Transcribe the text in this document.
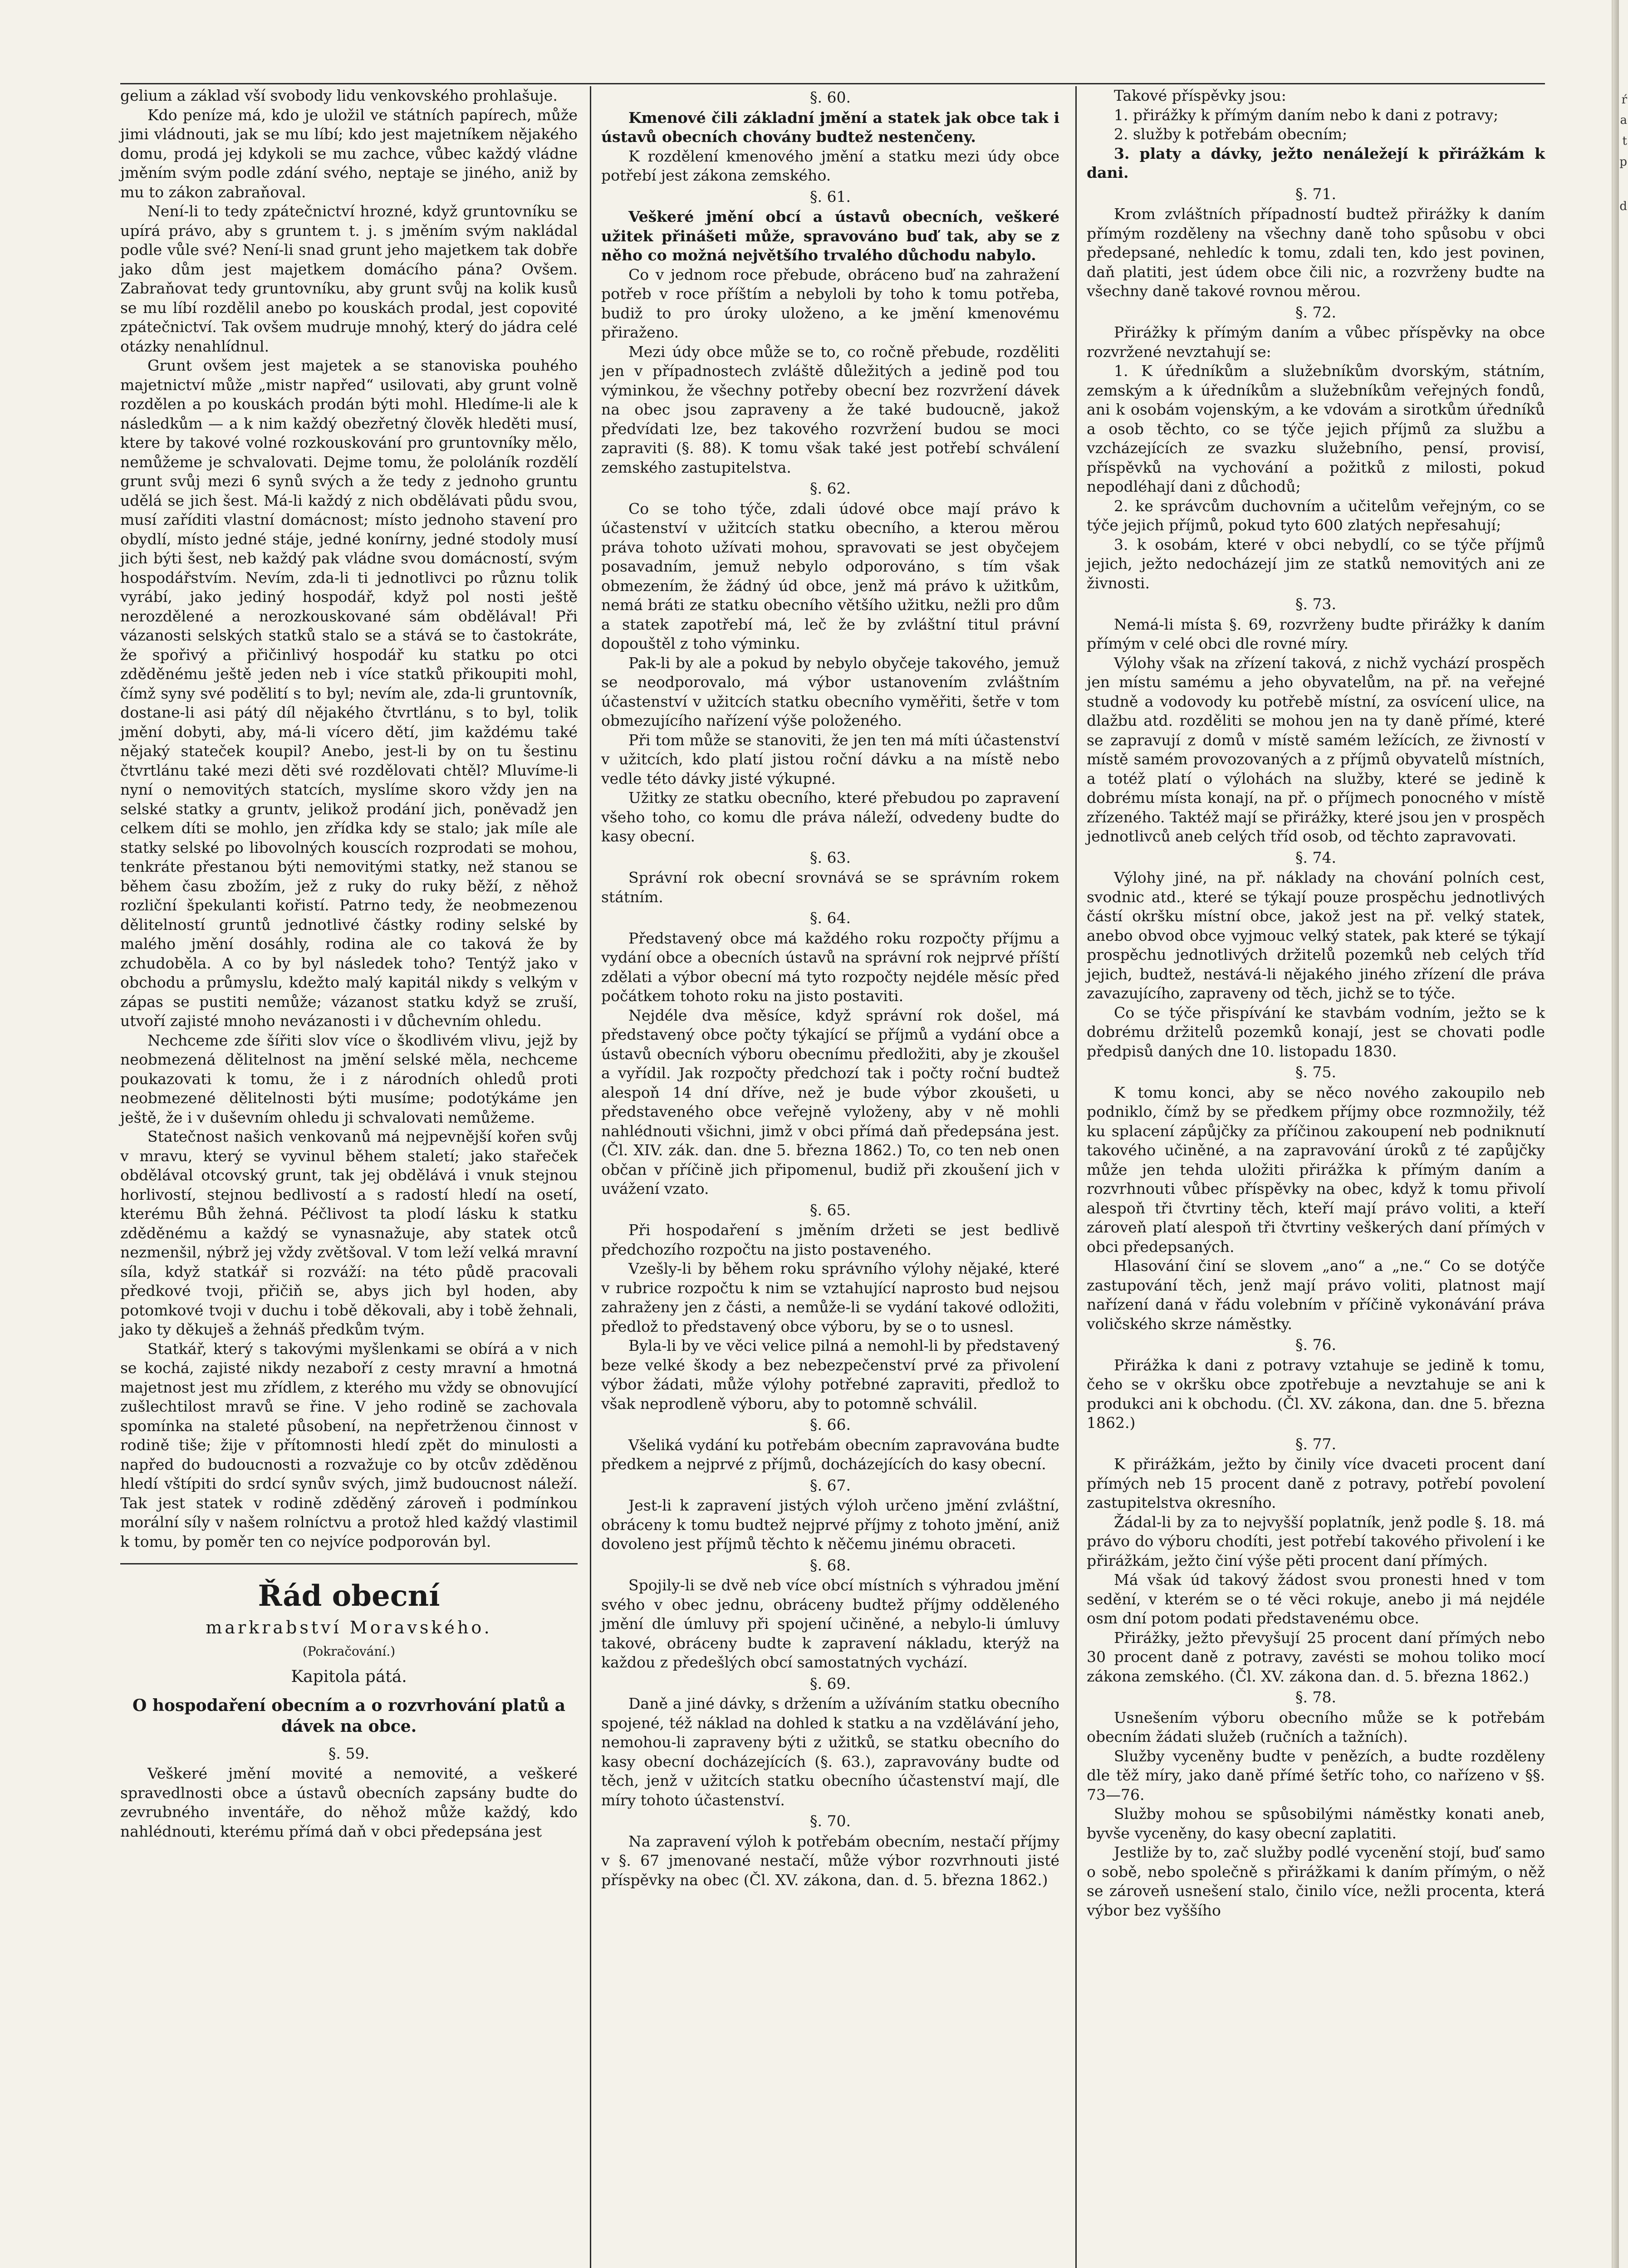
gelium a základ vší svobody lidu venkovského prohlašuje.

Kdo peníze má, kdo je uložil ve státních papírech, může jimi vládnouti, jak se mu líbí; kdo jest majetníkem nějakého domu, prodá jej kdykoli se mu zachce, vůbec každý vládne jměním svým podle zdání svého, neptaje se jiného, aniž by mu to zákon zabraňoval.

Není-li to tedy zpátečnictví hrozné, když gruntovníku se upírá právo, aby s gruntem t. j. s jměním svým nakládal podle vůle své? Není-li snad grunt jeho majetkem tak dobře jako dům jest majetkem domácího pána? Ovšem. Zabraňovat tedy gruntovníku, aby grunt svůj na kolik kusů se mu líbí rozdělil anebo po kouskách prodal, jest copovité zpátečnictví. Tak ovšem mudruje mnohý, který do jádra celé otázky nenahlídnul.

Grunt ovšem jest majetek a se stanoviska pouhého majetnictví může „mistr napřed“ usilovati, aby grunt volně rozdělen a po kouskách prodán býti mohl. Hledíme-li ale k následkům — a k nim každý obezřetný člověk hleděti musí, ktere by takové volné rozkouskování pro gruntovníky mělo, nemůžeme je schvalovati. Dejme tomu, že pololáník rozdělí grunt svůj mezi 6 synů svých a že tedy z jednoho gruntu udělá se jich šest. Má-li každý z nich obdělávati půdu svou, musí zaříditi vlastní domácnost; místo jednoho stavení pro obydlí, místo jedné stáje, jedné konírny, jedné stodoly musí jich býti šest, neb každý pak vládne svou domácností, svým hospodářstvím. Nevím, zda-li ti jednotlivci po různu tolik vyrábí, jako jediný hospodář, když pol nosti ještě nerozdělené a nerozkouskované sám obdělával! Při vázanosti selských statků stalo se a stává se to častokráte, že spořivý a přičinlivý hospodář ku statku po otci zděděnému ještě jeden neb i více statků přikoupiti mohl, čímž syny své podělití s to byl; nevím ale, zda-li gruntovník, dostane-li asi pátý díl nějakého čtvrtlánu, s to byl, tolik jmění dobyti, aby, má-li vícero dětí, jim každému také nějaký stateček koupil? Anebo, jest-li by on tu šestinu čtvrtlánu také mezi děti své rozdělovati chtěl? Mluvíme-li nyní o nemovitých statcích, myslíme skoro vždy jen na selské statky a gruntv, jelikož prodání jich, poněvadž jen celkem díti se mohlo, jen zřídka kdy se stalo; jak míle ale statky selské po libovolných kouscích rozprodati se mohou, tenkráte přestanou býti nemovitými statky, než stanou se během času zbožím, jež z ruky do ruky běží, z něhož rozliční špekulanti kořistí. Patrno tedy, že neobmezenou dělitelností gruntů jednotlivé částky rodiny selské by malého jmění dosáhly, rodina ale co taková že by zchudoběla. A co by byl následek toho? Tentýž jako v obchodu a průmyslu, kdežto malý kapitál nikdy s velkým v zápas se pustiti nemůže; vázanost statku když se zruší, utvoří zajisté mnoho nevázanosti i v důchevním ohledu.

Nechceme zde šířiti slov více o škodlivém vlivu, jejž by neobmezená dělitelnost na jmění selské měla, nechceme poukazovati k tomu, že i z národních ohledů proti neobmezené dělitelnosti býti musíme; podotýkáme jen ještě, že i v duševním ohledu ji schvalovati nemůžeme.

Statečnost našich venkovanů má nejpevnější kořen svůj v mravu, který se vyvinul během staletí; jako stařeček obdělával otcovský grunt, tak jej obdělává i vnuk stejnou horlivostí, stejnou bedlivostí a s radostí hledí na osetí, kterému Bůh žehná. Péčlivost ta plodí lásku k statku zděděnému a každý se vynasnažuje, aby statek otců nezmenšil, nýbrž jej vždy zvětšoval. V tom leží velká mravní síla, když statkář si rozváží: na této půdě pracovali předkové tvoji, přičiň se, abys jich byl hoden, aby potomkové tvoji v duchu i tobě děkovali, aby i tobě žehnali, jako ty děkuješ a žehnáš předkům tvým.

Statkář, který s takovými myšlenkami se obírá a v nich se kochá, zajisté nikdy nezaboří z cesty mravní a hmotná majetnost jest mu zřídlem, z kterého mu vždy se obnovující zušlechtilost mravů se řine. V jeho rodině se zachovala spomínka na staleté působení, na nepřetrženou činnost v rodině tiše; žije v přítomnosti hledí zpět do minulosti a napřed do budoucnosti a rozvažuje co by otcův zděděnou hledí vštípiti do srdcí synův svých, jimž budoucnost náleží. Tak jest statek v rodině zděděný zároveň i podmínkou morální síly v našem rolníctvu a protož hled každý vlastimil k tomu, by poměr ten co nejvíce podporován byl.

Řád obecní

markrabství Moravského.

(Pokračování.)

Kapitola pátá.

O hospodaření obecním a o rozvrhování platů a dávek na obce.

§. 59.

Veškeré jmění movité a nemovité, a veškeré spravedlnosti obce a ústavů obecních zapsány budte do zevrubného inventáře, do něhož může každý, kdo nahlédnouti, kterému přímá daň v obci předepsána jest

§. 60.

Kmenové čili základní jmění a statek jak obce tak i ústavů obecních chovány budtež nestenčeny.

K rozdělení kmenového jmění a statku mezi údy obce potřebí jest zákona zemského.

§. 61.

Veškeré jmění obcí a ústavů obecních, veškeré užitek přinášeti může, spravováno buď tak, aby se z něho co možná největšího trvalého důchodu nabylo.

Co v jednom roce přebude, obráceno buď na zahražení potřeb v roce příštím a nebyloli by toho k tomu potřeba, budiž to pro úroky uloženo, a ke jmění kmenovému přiraženo.

Mezi údy obce může se to, co ročně přebude, rozděliti jen v případnostech zvláště důležitých a jedině pod tou výminkou, že všechny potřeby obecní bez rozvržení dávek na obec jsou zapraveny a že také budoucně, jakož předvídati lze, bez takového rozvržení budou se moci zapraviti (§. 88). K tomu však také jest potřebí schválení zemského zastupitelstva.

§. 62.

Co se toho týče, zdali údové obce mají právo k účastenství v užitcích statku obecního, a kterou měrou práva tohoto užívati mohou, spravovati se jest obyčejem posavadním, jemuž nebylo odporováno, s tím však obmezením, že žádný úd obce, jenž má právo k užitkům, nemá bráti ze statku obecního většího užitku, nežli pro dům a statek zapotřebí má, leč že by zvláštní titul právní dopouštěl z toho výminku.

Pak-li by ale a pokud by nebylo obyčeje takového, jemuž se neodporovalo, má výbor ustanovením zvláštním účastenství v užitcích statku obecního vyměřiti, šetře v tom obmezujícího nařízení výše položeného.

Při tom může se stanoviti, že jen ten má míti účastenství v užitcích, kdo platí jistou roční dávku a na místě nebo vedle této dávky jisté výkupné.

Užitky ze statku obecního, které přebudou po zapravení všeho toho, co komu dle práva náleží, odvedeny budte do kasy obecní.

§. 63.

Správní rok obecní srovnává se se správním rokem státním.

§. 64.

Představený obce má každého roku rozpočty příjmu a vydání obce a obecních ústavů na správní rok nejprvé příští zdělati a výbor obecní má tyto rozpočty nejdéle měsíc před počátkem tohoto roku na jisto postaviti.

Nejdéle dva měsíce, když správní rok došel, má představený obce počty týkající se příjmů a vydání obce a ústavů obecních výboru obecnímu předložiti, aby je zkoušel a vyřídil. Jak rozpočty předchozí tak i počty roční budtež alespoň 14 dní dříve, než je bude výbor zkoušeti, u představeného obce veřejně vyloženy, aby v ně mohli nahlédnouti všichni, jimž v obci přímá daň předepsána jest. (Čl. XIV. zák. dan. dne 5. března 1862.) To, co ten neb onen občan v příčině jich připomenul, budiž při zkoušení jich v uvážení vzato.

§. 65.

Při hospodaření s jměním držeti se jest bedlivě předchozího rozpočtu na jisto postaveného.

Vzešly-li by během roku správního výlohy nějaké, které v rubrice rozpočtu k nim se vztahující naprosto bud nejsou zahraženy jen z části, a nemůže-li se vydání takové odložiti, předlož to představený obce výboru, by se o to usnesl.

Byla-li by ve věci velice pilná a nemohl-li by představený beze velké škody a bez nebezpečenství prvé za přivolení výbor žádati, může výlohy potřebné zapraviti, předlož to však neprodleně výboru, aby to potomně schválil.

§. 66.

Všeliká vydání ku potřebám obecním zapravována budte předkem a nejprvé z příjmů, docházejících do kasy obecní.

§. 67.

Jest-li k zapravení jistých výloh určeno jmění zvláštní, obráceny k tomu budtež nejprvé příjmy z tohoto jmění, aniž dovoleno jest příjmů těchto k něčemu jinému obraceti.

§. 68.

Spojily-li se dvě neb více obcí místních s výhradou jmění svého v obec jednu, obráceny budtež příjmy odděleného jmění dle úmluvy při spojení učiněné, a nebylo-li úmluvy takové, obráceny budte k zapravení nákladu, kterýž na každou z předešlých obcí samostatných vychází.

§. 69.

Daně a jiné dávky, s držením a užíváním statku obecního spojené, též náklad na dohled k statku a na vzdělávání jeho, nemohou-li zapraveny býti z užitků, se statku obecního do kasy obecní docházejících (§. 63.), zapravovány budte od těch, jenž v užitcích statku obecního účastenství mají, dle míry tohoto účastenství.

§. 70.

Na zapravení výloh k potřebám obecním, nestačí příjmy v §. 67 jmenované nestačí, může výbor rozvrhnouti jisté příspěvky na obec (Čl. XV. zákona, dan. d. 5. března 1862.)

Takové příspěvky jsou:

1. přirážky k přímým daním nebo k dani z potravy;

2. služby k potřebám obecním;

3. platy a dávky, ježto nenáležejí k přirážkám k dani.

§. 71.

Krom zvláštních případností budtež přirážky k daním přímým rozděleny na všechny daně toho spůsobu v obci předepsané, nehledíc k tomu, zdali ten, kdo jest povinen, daň platiti, jest údem obce čili nic, a rozvrženy budte na všechny daně takové rovnou měrou.

§. 72.

Přirážky k přímým daním a vůbec příspěvky na obce rozvržené nevztahují se:

1. K úředníkům a služebníkům dvorským, státním, zemským a k úředníkům a služebníkům veřejných fondů, ani k osobám vojenským, a ke vdovám a sirotkům úředníků a osob těchto, co se týče jejich příjmů za službu a vzcházejících ze svazku služebního, pensí, provisí, příspěvků na vychování a požitků z milosti, pokud nepodléhají dani z důchodů;

2. ke správcům duchovním a učitelům veřejným, co se týče jejich příjmů, pokud tyto 600 zlatých nepřesahují;

3. k osobám, které v obci nebydlí, co se týče příjmů jejich, ježto nedocházejí jim ze statků nemovitých ani ze živnosti.

§. 73.

Nemá-li místa §. 69, rozvrženy budte přirážky k daním přímým v celé obci dle rovné míry.

Výlohy však na zřízení taková, z nichž vychází prospěch jen místu samému a jeho obyvatelům, na př. na veřejné studně a vodovody ku potřebě místní, za osvícení ulice, na dlažbu atd. rozděliti se mohou jen na ty daně přímé, které se zapravují z domů v místě samém ležících, ze živností v místě samém provozovaných a z příjmů obyvatelů místních, a totéž platí o výlohách na služby, které se jedině k dobrému místa konají, na př. o příjmech ponocného v místě zřízeného. Taktéž mají se přirážky, které jsou jen v prospěch jednotlivců aneb celých tříd osob, od těchto zapravovati.

§. 74.

Výlohy jiné, na př. náklady na chování polních cest, svodnic atd., které se týkají pouze prospěchu jednotlivých částí okršku místní obce, jakož jest na př. velký statek, anebo obvod obce vyjmouc velký statek, pak které se týkají prospěchu jednotlivých držitelů pozemků neb celých tříd jejich, budtež, nestává-li nějakého jiného zřízení dle práva zavazujícího, zapraveny od těch, jichž se to týče.

Co se týče přispívání ke stavbám vodním, ježto se k dobrému držitelů pozemků konají, jest se chovati podle předpisů daných dne 10. listopadu 1830.

§. 75.

K tomu konci, aby se něco nového zakoupilo neb podniklo, čímž by se předkem příjmy obce rozmnožily, též ku splacení zápůjčky za příčinou zakoupení neb podniknutí takového učiněné, a na zapravování úroků z té zapůjčky může jen tehda uložiti přirážka k přímým daním a rozvrhnouti vůbec příspěvky na obec, když k tomu přivolí alespoň tři čtvrtiny těch, kteří mají právo voliti, a kteří zároveň platí alespoň tři čtvrtiny veškerých daní přímých v obci předepsaných.

Hlasování činí se slovem „ano“ a „ne.“ Co se dotýče zastupování těch, jenž mají právo voliti, platnost mají nařízení daná v řádu volebním v příčině vykonávání práva voličského skrze náměstky.

§. 76.

Přirážka k dani z potravy vztahuje se jedině k tomu, čeho se v okršku obce zpotřebuje a nevztahuje se ani k produkci ani k obchodu. (Čl. XV. zákona, dan. dne 5. března 1862.)

§. 77.

K přirážkám, ježto by činily více dvaceti procent daní přímých neb 15 procent daně z potravy, potřebí povolení zastupitelstva okresního.

Žádal-li by za to nejvyšší poplatník, jenž podle §. 18. má právo do výboru chodíti, jest potřebí takového přivolení i ke přirážkám, ježto činí výše pěti procent daní přímých.

Má však úd takový žádost svou pronesti hned v tom sedění, v kterém se o té věci rokuje, anebo ji má nejdéle osm dní potom podati představenému obce.

Přirážky, ježto převyšují 25 procent daní přímých nebo 30 procent daně z potravy, zavésti se mohou toliko mocí zákona zemského. (Čl. XV. zákona dan. d. 5. března 1862.)

§. 78.

Usnešením výboru obecního může se k potřebám obecním žádati služeb (ručních a tažních).

Služby vyceněny budte v penězích, a budte rozděleny dle těž míry, jako daně přímé šetříc toho, co nařízeno v §§. 73—76.

Služby mohou se spůsobilými náměstky konati aneb, byvše vyceněny, do kasy obecní zaplatiti.

Jestliže by to, zač služby podlé vycenění stojí, buď samo o sobě, nebo společně s přirážkami k daním přímým, o něž se zároveň usnešení stalo, činilo více, nežli procenta, která výbor bez vyššího

ŕ
a
t
p
d
